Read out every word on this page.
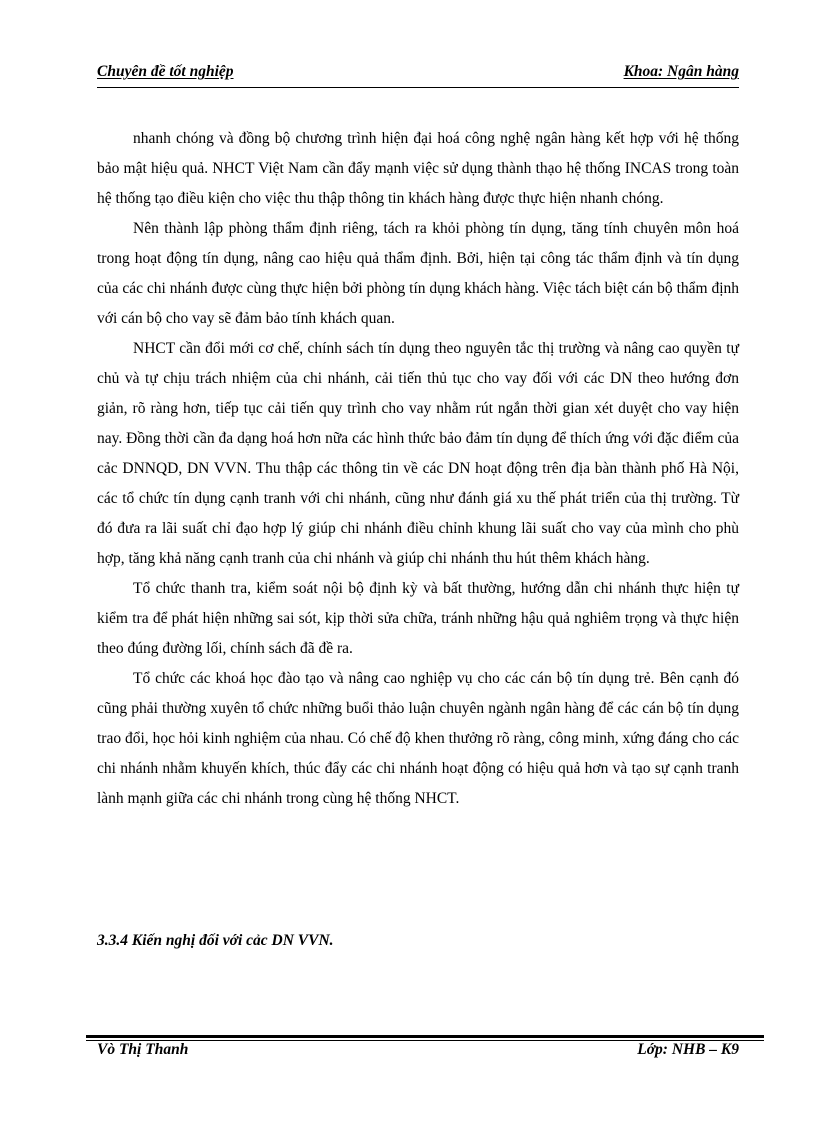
Chuyên đề tốt nghiệp	Khoa: Ngân hàng

nhanh chóng và đồng bộ chương trình hiện đại hoá công nghệ ngân hàng kết hợp với hệ thống bảo mật hiệu quả. NHCT Việt Nam cần đẩy mạnh việc sử dụng thành thạo hệ thống INCAS trong toàn hệ thống tạo điều kiện cho việc thu thập thông tin khách hàng được thực hiện nhanh chóng.

Nên thành lập phòng thẩm định riêng, tách ra khỏi phòng tín dụng, tăng tính chuyên môn hoá trong hoạt động tín dụng, nâng cao hiệu quả thẩm định. Bởi, hiện tại công tác thẩm định và tín dụng của các chi nhánh được cùng thực hiện bởi phòng tín dụng khách hàng. Việc tách biệt cán bộ thẩm định với cán bộ cho vay sẽ đảm bảo tính khách quan.

NHCT cần đổi mới cơ chế, chính sách tín dụng theo nguyên tắc thị trường và nâng cao quyền tự chủ và tự chịu trách nhiệm của chi nhánh, cải tiến thủ tục cho vay đối với các DN theo hướng đơn giản, rõ ràng hơn, tiếp tục cải tiến quy trình cho vay nhằm rút ngắn thời gian xét duyệt cho vay hiện nay. Đồng thời cần đa dạng hoá hơn nữa các hình thức bảo đảm tín dụng để thích ứng với đặc điểm của cảc DNNQD, DN VVN. Thu thập các thông tin về các DN hoạt động trên địa bàn thành phố Hà Nội, các tổ chức tín dụng cạnh tranh với chi nhánh, cũng như đánh giá xu thế phát triển của thị trường. Từ đó đưa ra lãi suất chỉ đạo hợp lý giúp chi nhánh điều chỉnh khung lãi suất cho vay của mình cho phù hợp, tăng khả năng cạnh tranh của chi nhánh và giúp chi nhánh thu hút thêm khách hàng.

Tổ chức thanh tra, kiểm soát nội bộ định kỳ và bất thường, hướng dẫn chi nhánh thực hiện tự kiểm tra để phát hiện những sai sót, kịp thời sửa chữa, tránh những hậu quả nghiêm trọng và thực hiện theo đúng đường lối, chính sách đã đề ra.

Tổ chức các khoá học đào tạo và nâng cao nghiệp vụ cho các cán bộ tín dụng trẻ. Bên cạnh đó cũng phải thường xuyên tổ chức những buổi thảo luận chuyên ngành ngân hàng để các cán bộ tín dụng trao đổi, học hỏi kinh nghiệm của nhau. Có chế độ khen thưởng rõ ràng, công minh, xứng đáng cho các chi nhánh nhằm khuyến khích, thúc đẩy các chi nhánh hoạt động có hiệu quả hơn và tạo sự cạnh tranh lành mạnh giữa các chi nhánh trong cùng hệ thống NHCT.

3.3.4 Kiến nghị đối với cảc DN VVN.
Vò Thị Thanh	Lớp: NHB – K9
